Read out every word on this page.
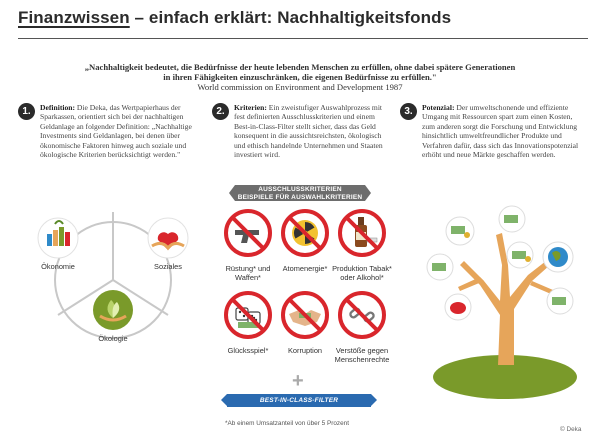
Finanzwissen – einfach erklärt: Nachhaltigkeitsfonds
„Nachhaltigkeit bedeutet, die Bedürfnisse der heute lebenden Menschen zu erfüllen, ohne dabei spätere Generationen
in ihren Fähigkeiten einzuschränken, die eigenen Bedürfnisse zu erfüllen."
World commission on Environment and Development 1987
1.	Definition: Die Deka, das Wertpapierhaus der
Sparkassen, orientiert sich bei der nachhaltigen
Geldanlage an folgender Definition: „Nachhaltige
Investments sind Geldanlagen, bei denen über
ökonomische Faktoren hinweg auch soziale und
ökologische Kriterien berücksichtigt werden."
2.	Kriterien: Ein zweistufiger Auswahlprozess mit
fest definierten Ausschlusskriterien und einem
Best-in-Class-Filter stellt sicher, dass das Geld
konsequent in die aussichtsreichsten, ökologisch
und ethisch handelnde Unternehmen und Staaten
investiert wird.
3.	Potenzial: Der umweltschonende und effiziente
Umgang mit Ressourcen spart zum einen Kosten,
zum anderen sorgt die Forschung und Entwicklung
hinsichtlich umweltfreundlicher Produkte und
Verfahren dafür, dass sich das Innovationspotenzial
erhöht und neue Märkte geschaffen werden.
Ökonomie	Soziales
Ökologie
AUSSCHLUSSKRITERIEN
BEISPIELE FÜR AUSWAHLKRITERIEN
Rüstung* und
Waffen*
Atomenergie* Produktion Tabak*
oder Alkohol*
Glücksspiel*	Korruption	Verstöße gegen
Menschenrechte
+
BEST-IN-CLASS-FILTER
*Ab einem Umsatzanteil von über 5 Prozent
© Deka
